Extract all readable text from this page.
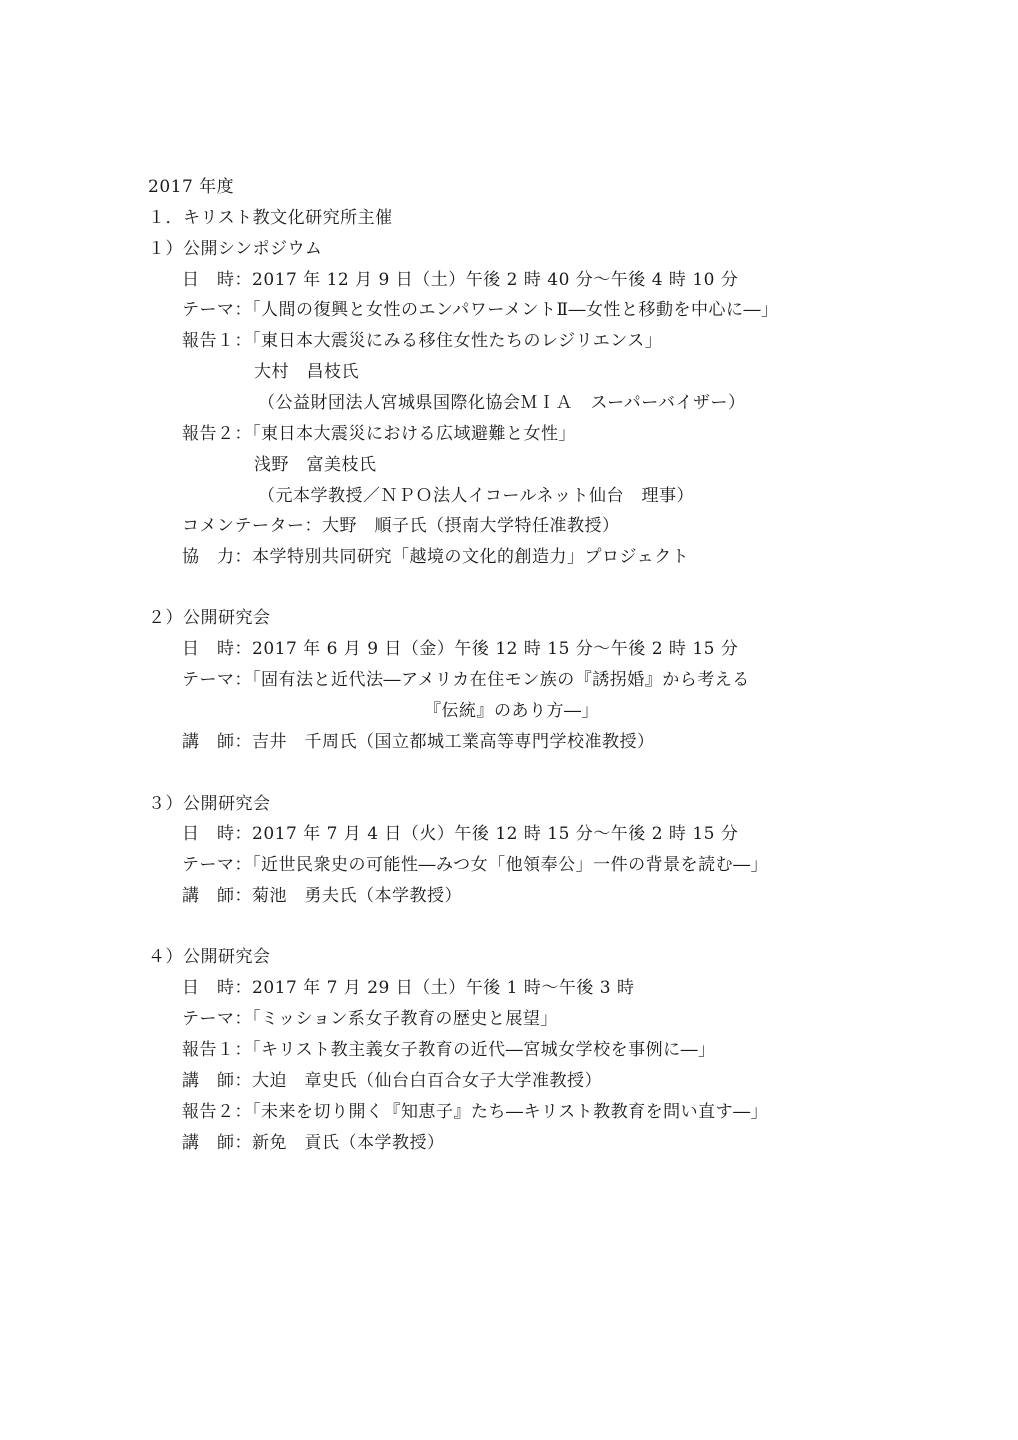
2017 年度
１．キリスト教文化研究所主催
１）公開シンポジウム
日　時：2017 年 12 月 9 日（土）午後 2 時 40 分～午後 4 時 10 分
テーマ：「人間の復興と女性のエンパワーメントⅡ―女性と移動を中心に―」
報告１：「東日本大震災にみる移住女性たちのレジリエンス」
大村　昌枝氏
（公益財団法人宮城県国際化協会ＭＩＡ　スーパーバイザー）
報告２：「東日本大震災における広域避難と女性」
浅野　富美枝氏
（元本学教授／ＮＰＯ法人イコールネット仙台　理事）
コメンテーター：大野　順子氏（摂南大学特任准教授）
協　力：本学特別共同研究「越境の文化的創造力」プロジェクト
２）公開研究会
日　時：2017 年 6 月 9 日（金）午後 12 時 15 分～午後 2 時 15 分
テーマ：「固有法と近代法―アメリカ在住モン族の『誘拐婚』から考える
『伝統』のあり方―」
講　師：吉井　千周氏（国立都城工業高等専門学校准教授）
３）公開研究会
日　時：2017 年 7 月 4 日（火）午後 12 時 15 分～午後 2 時 15 分
テーマ：「近世民衆史の可能性―みつ女「他領奉公」一件の背景を読む―」
講　師：菊池　勇夫氏（本学教授）
４）公開研究会
日　時：2017 年 7 月 29 日（土）午後 1 時～午後 3 時
テーマ：「ミッション系女子教育の歴史と展望」
報告１：「キリスト教主義女子教育の近代―宮城女学校を事例に―」
講　師：大迫　章史氏（仙台白百合女子大学准教授）
報告２：「未来を切り開く『知恵子』たち―キリスト教教育を問い直す―」
講　師：新免　貢氏（本学教授）
